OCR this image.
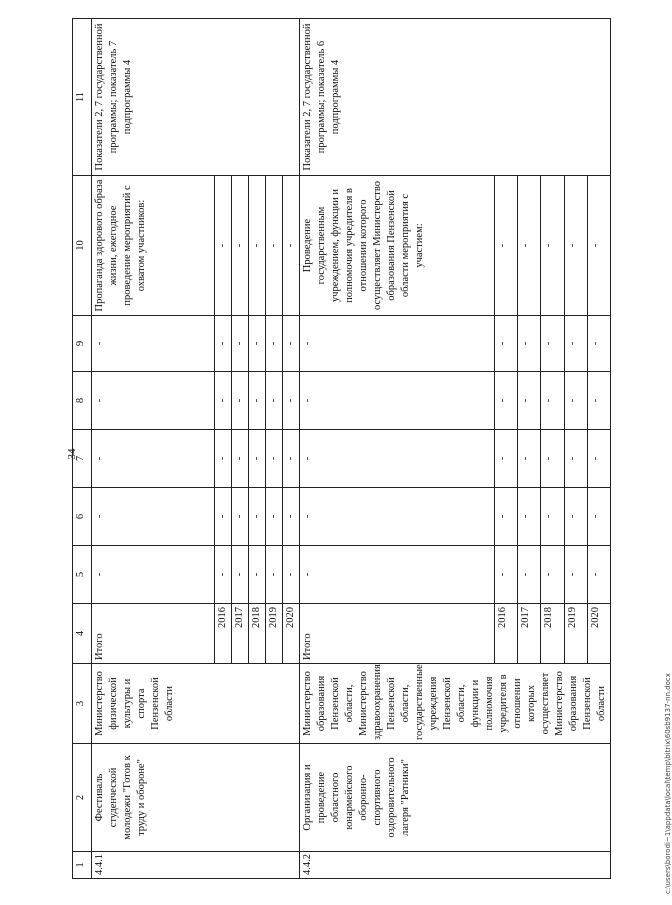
34
c:\users\borodi~1\appdata\local\temp\bitrix\60sb9137-nn.docx
1	2	3	4	5	6	7	8	9	10	11
4.4.1	Фестиваль студенческой молодежи "Готов к труду и обороне"	Министерство физической культуры и спорта Пензенской области	Итого	-	-	-	-	-	Пропаганда здорового образа жизни, ежегодное проведение мероприятий с охватом участников:	Показатели 2, 7 государственной программы; показатель 7 подпрограммы 4
			2016	-	-	-	-	-	-	
			2017	-	-	-	-	-	-	
			2018	-	-	-	-	-	-	
			2019	-	-	-	-	-	-	
			2020	-	-	-	-	-	-	
4.4.2	Организация и проведение областного юнармейского оборонно-спортивного оздоровительного лагеря "Ратники"	Министерство образования Пензенской области, Министерство здравоохранения Пензенской области, государственные учреждения Пензенской области, функции и полномочия учредителя в отношении которых осуществляет Министерство образования Пензенской области	Итого	-	-	-	-	-	Проведение государственным учреждением, функции и полномочия учредителя в отношении которого осуществляет Министерство образования Пензенской области мероприятия с участием:	Показатели 2, 7 государственной программы; показатель 6 подпрограммы 4
			2016	-	-	-	-	-	-	
			2017	-	-	-	-	-	-	
			2018	-	-	-	-	-	-	
			2019	-	-	-	-	-	-	
			2020	-	-	-	-	-	-	
